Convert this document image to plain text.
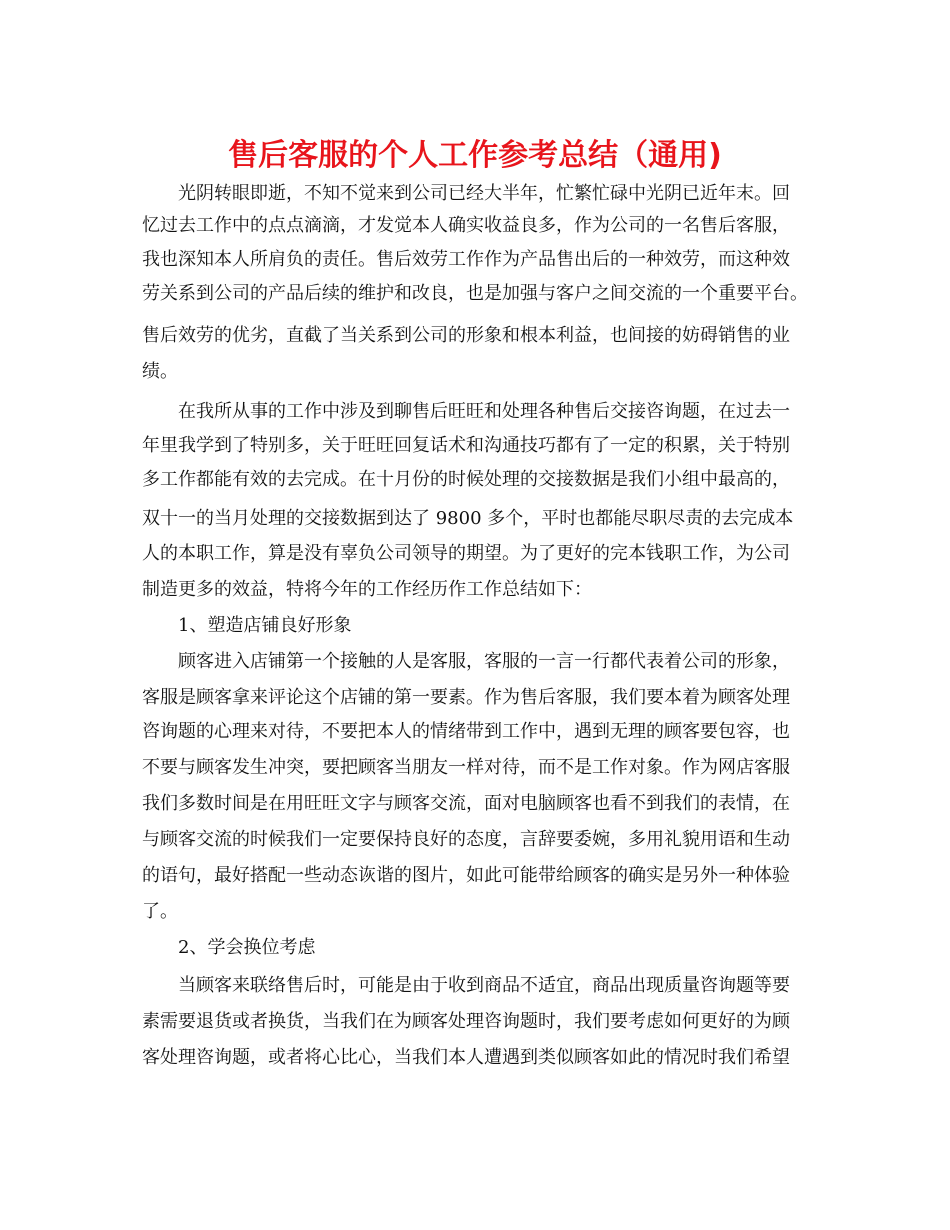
售后客服的个人工作参考总结（通用)

光阴转眼即逝，不知不觉来到公司已经大半年，忙繁忙碌中光阴已近年末。回

忆过去工作中的点点滴滴，才发觉本人确实收益良多，作为公司的一名售后客服，

我也深知本人所肩负的责任。售后效劳工作作为产品售出后的一种效劳，而这种效

劳关系到公司的产品后续的维护和改良，也是加强与客户之间交流的一个重要平台。

售后效劳的优劣，直截了当关系到公司的形象和根本利益，也间接的妨碍销售的业

绩。

在我所从事的工作中涉及到聊售后旺旺和处理各种售后交接咨询题，在过去一

年里我学到了特别多，关于旺旺回复话术和沟通技巧都有了一定的积累，关于特别

多工作都能有效的去完成。在十月份的时候处理的交接数据是我们小组中最高的，

双十一的当月处理的交接数据到达了 9800 多个，平时也都能尽职尽责的去完成本

人的本职工作，算是没有辜负公司领导的期望。为了更好的完本钱职工作，为公司

制造更多的效益，特将今年的工作经历作工作总结如下：

1、塑造店铺良好形象

顾客进入店铺第一个接触的人是客服，客服的一言一行都代表着公司的形象，

客服是顾客拿来评论这个店铺的第一要素。作为售后客服，我们要本着为顾客处理

咨询题的心理来对待，不要把本人的情绪带到工作中，遇到无理的顾客要包容，也

不要与顾客发生冲突，要把顾客当朋友一样对待，而不是工作对象。作为网店客服

我们多数时间是在用旺旺文字与顾客交流，面对电脑顾客也看不到我们的表情，在

与顾客交流的时候我们一定要保持良好的态度，言辞要委婉，多用礼貌用语和生动

的语句，最好搭配一些动态诙谐的图片，如此可能带给顾客的确实是另外一种体验

了。

2、学会换位考虑

当顾客来联络售后时，可能是由于收到商品不适宜，商品出现质量咨询题等要

素需要退货或者换货，当我们在为顾客处理咨询题时，我们要考虑如何更好的为顾

客处理咨询题，或者将心比心，当我们本人遭遇到类似顾客如此的情况时我们希望
